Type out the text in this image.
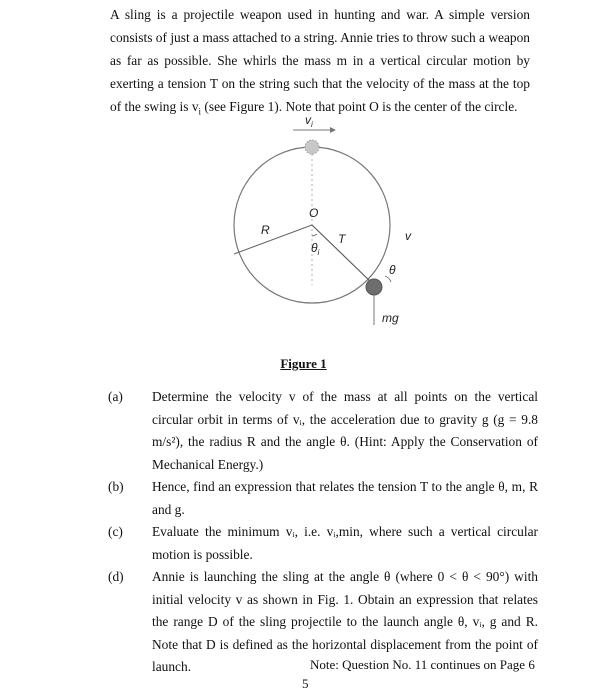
A sling is a projectile weapon used in hunting and war. A simple version consists of just a mass attached to a string. Annie tries to throw such a weapon as far as possible. She whirls the mass m in a vertical circular motion by exerting a tension T on the string such that the velocity of the mass at the top of the swing is $v_i$ (see Figure 1). Note that point O is the center of the circle.

$v_i$
R
O
$\theta_i$
T	v
θ
mg
Figure 1
(a)	Determine the velocity v of the mass at all points on the vertical circular orbit in terms of vᵢ, the acceleration due to gravity g (g = 9.8 m/s²), the radius R and the angle θ. (Hint: Apply the Conservation of Mechanical Energy.)
(b)	Hence, find an expression that relates the tension T to the angle θ, m, R and g.
(c)	Evaluate the minimum vᵢ, i.e. vᵢ,min, where such a vertical circular motion is possible.
(d)	Annie is launching the sling at the angle θ (where 0 < θ < 90°) with initial velocity v as shown in Fig. 1. Obtain an expression that relates the range D of the sling projectile to the launch angle θ, vᵢ, g and R. Note that D is defined as the horizontal displacement from the point of launch.	Note: Question No. 11 continues on Page 6
5
